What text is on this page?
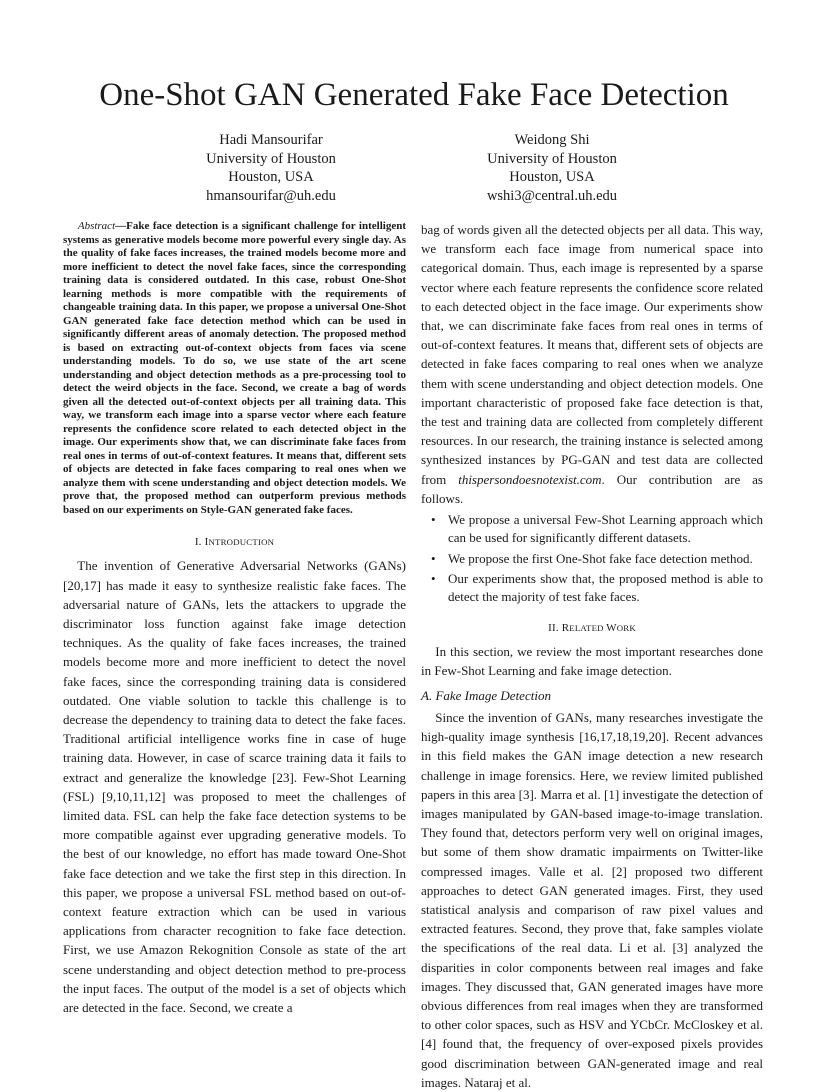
One-Shot GAN Generated Fake Face Detection
Hadi Mansourifar
University of Houston
Houston, USA
hmansourifar@uh.edu
Weidong Shi
University of Houston
Houston, USA
wshi3@central.uh.edu

Abstract—Fake face detection is a significant challenge for intelligent systems as generative models become more powerful every single day. As the quality of fake faces increases, the trained models become more and more inefficient to detect the novel fake faces, since the corresponding training data is considered outdated. In this case, robust One-Shot learning methods is more compatible with the requirements of changeable training data. In this paper, we propose a universal One-Shot GAN generated fake face detection method which can be used in significantly different areas of anomaly detection. The proposed method is based on extracting out-of-context objects from faces via scene understanding models. To do so, we use state of the art scene understanding and object detection methods as a pre-processing tool to detect the weird objects in the face. Second, we create a bag of words given all the detected out-of-context objects per all training data. This way, we transform each image into a sparse vector where each feature represents the confidence score related to each detected object in the image. Our experiments show that, we can discriminate fake faces from real ones in terms of out-of-context features. It means that, different sets of objects are detected in fake faces comparing to real ones when we analyze them with scene understanding and object detection models. We prove that, the proposed method can outperform previous methods based on our experiments on Style-GAN generated fake faces.

I. INTRODUCTION

The invention of Generative Adversarial Networks (GANs) [20,17] has made it easy to synthesize realistic fake faces. The adversarial nature of GANs, lets the attackers to upgrade the discriminator loss function against fake image detection techniques. As the quality of fake faces increases, the trained models become more and more inefficient to detect the novel fake faces, since the corresponding training data is considered outdated. One viable solution to tackle this challenge is to decrease the dependency to training data to detect the fake faces. Traditional artificial intelligence works fine in case of huge training data. However, in case of scarce training data it fails to extract and generalize the knowledge [23]. Few-Shot Learning (FSL) [9,10,11,12] was proposed to meet the challenges of limited data. FSL can help the fake face detection systems to be more compatible against ever upgrading generative models. To the best of our knowledge, no effort has made toward One-Shot fake face detection and we take the first step in this direction. In this paper, we propose a universal FSL method based on out-of-context feature extraction which can be used in various applications from character recognition to fake face detection. First, we use Amazon Rekognition Console as state of the art scene understanding and object detection method to pre-process the input faces. The output of the model is a set of objects which are detected in the face. Second, we create a

bag of words given all the detected objects per all data. This way, we transform each face image from numerical space into categorical domain. Thus, each image is represented by a sparse vector where each feature represents the confidence score related to each detected object in the face image. Our experiments show that, we can discriminate fake faces from real ones in terms of out-of-context features. It means that, different sets of objects are detected in fake faces comparing to real ones when we analyze them with scene understanding and object detection models. One important characteristic of proposed fake face detection is that, the test and training data are collected from completely different resources. In our research, the training instance is selected among synthesized instances by PG-GAN and test data are collected from thispersondoesnotexist.com. Our contribution are as follows.

• We propose a universal Few-Shot Learning approach which can be used for significantly different datasets.
• We propose the first One-Shot fake face detection method.
• Our experiments show that, the proposed method is able to detect the majority of test fake faces.

II. RELATED WORK

In this section, we review the most important researches done in Few-Shot Learning and fake image detection.

A. Fake Image Detection

Since the invention of GANs, many researches investigate the high-quality image synthesis [16,17,18,19,20]. Recent advances in this field makes the GAN image detection a new research challenge in image forensics. Here, we review limited published papers in this area [3]. Marra et al. [1] investigate the detection of images manipulated by GAN-based image-to-image translation. They found that, detectors perform very well on original images, but some of them show dramatic impairments on Twitter-like compressed images. Valle et al. [2] proposed two different approaches to detect GAN generated images. First, they used statistical analysis and comparison of raw pixel values and extracted features. Second, they prove that, fake samples violate the specifications of the real data. Li et al. [3] analyzed the disparities in color components between real images and fake images. They discussed that, GAN generated images have more obvious differences from real images when they are transformed to other color spaces, such as HSV and YCbCr. McCloskey et al. [4] found that, the frequency of over-exposed pixels provides good discrimination between GAN-generated image and real images. Nataraj et al.
